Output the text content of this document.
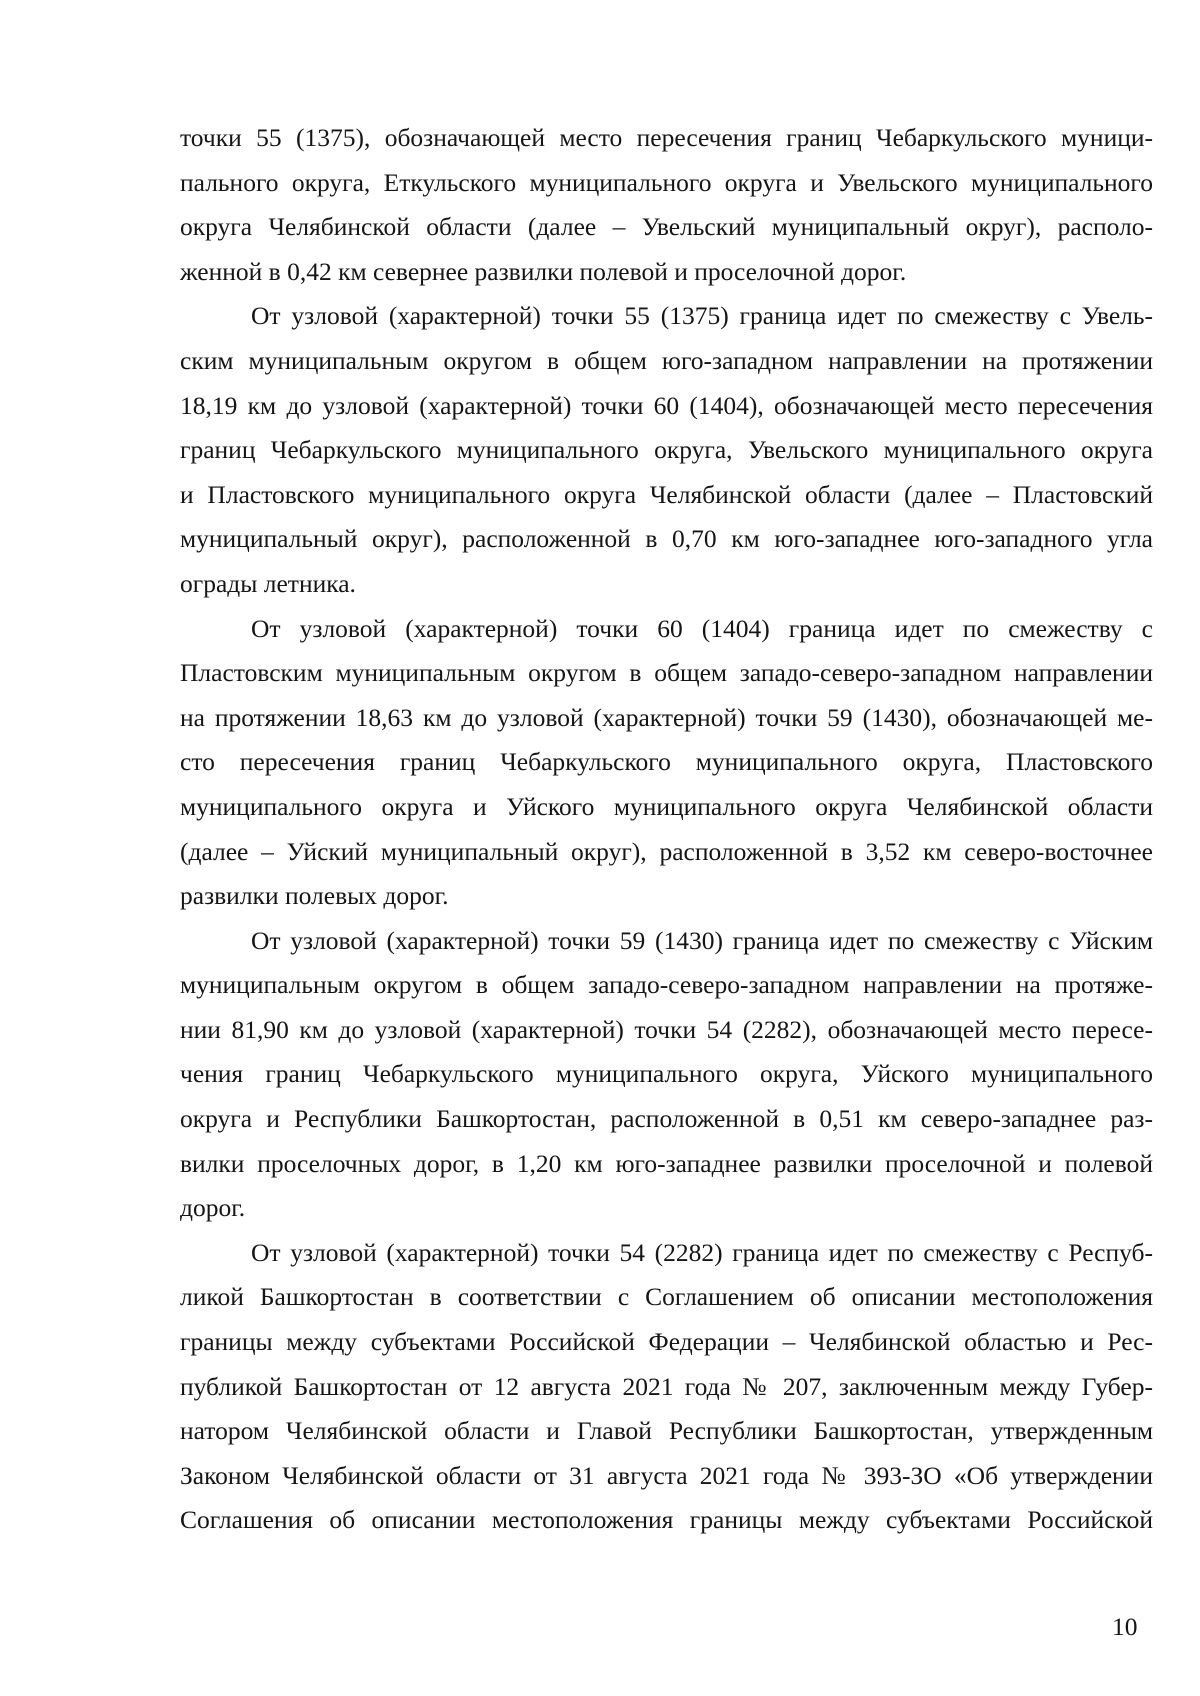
точки 55 (1375), обозначающей место пересечения границ Чебаркульского муници-
пального округа, Еткульского муниципального округа и Увельского муниципального
округа Челябинской области (далее – Увельский муниципальный округ), располо-
женной в 0,42 км севернее развилки полевой и проселочной дорог.

От узловой (характерной) точки 55 (1375) граница идет по смежеству с Увель-
ским муниципальным округом в общем юго-западном направлении на протяжении
18,19 км до узловой (характерной) точки 60 (1404), обозначающей место пересечения
границ Чебаркульского муниципального округа, Увельского муниципального округа
и Пластовского муниципального округа Челябинской области (далее – Пластовский
муниципальный округ), расположенной в 0,70 км юго-западнее юго-западного угла
ограды летника.

От узловой (характерной) точки 60 (1404) граница идет по смежеству с
Пластовским муниципальным округом в общем западо-северо-западном направлении
на протяжении 18,63 км до узловой (характерной) точки 59 (1430), обозначающей ме-
сто пересечения границ Чебаркульского муниципального округа, Пластовского
муниципального округа и Уйского муниципального округа Челябинской области
(далее – Уйский муниципальный округ), расположенной в 3,52 км северо-восточнее
развилки полевых дорог.

От узловой (характерной) точки 59 (1430) граница идет по смежеству с Уйским
муниципальным округом в общем западо-северо-западном направлении на протяже-
нии 81,90 км до узловой (характерной) точки 54 (2282), обозначающей место пересе-
чения границ Чебаркульского муниципального округа, Уйского муниципального
округа и Республики Башкортостан, расположенной в 0,51 км северо-западнее раз-
вилки проселочных дорог, в 1,20 км юго-западнее развилки проселочной и полевой
дорог.

От узловой (характерной) точки 54 (2282) граница идет по смежеству с Респуб-
ликой Башкортостан в соответствии с Соглашением об описании местоположения
границы между субъектами Российской Федерации – Челябинской областью и Рес-
публикой Башкортостан от 12 августа 2021 года № 207, заключенным между Губер-
натором Челябинской области и Главой Республики Башкортостан, утвержденным
Законом Челябинской области от 31 августа 2021 года № 393-ЗО «Об утверждении
Соглашения об описании местоположения границы между субъектами Российской

10
